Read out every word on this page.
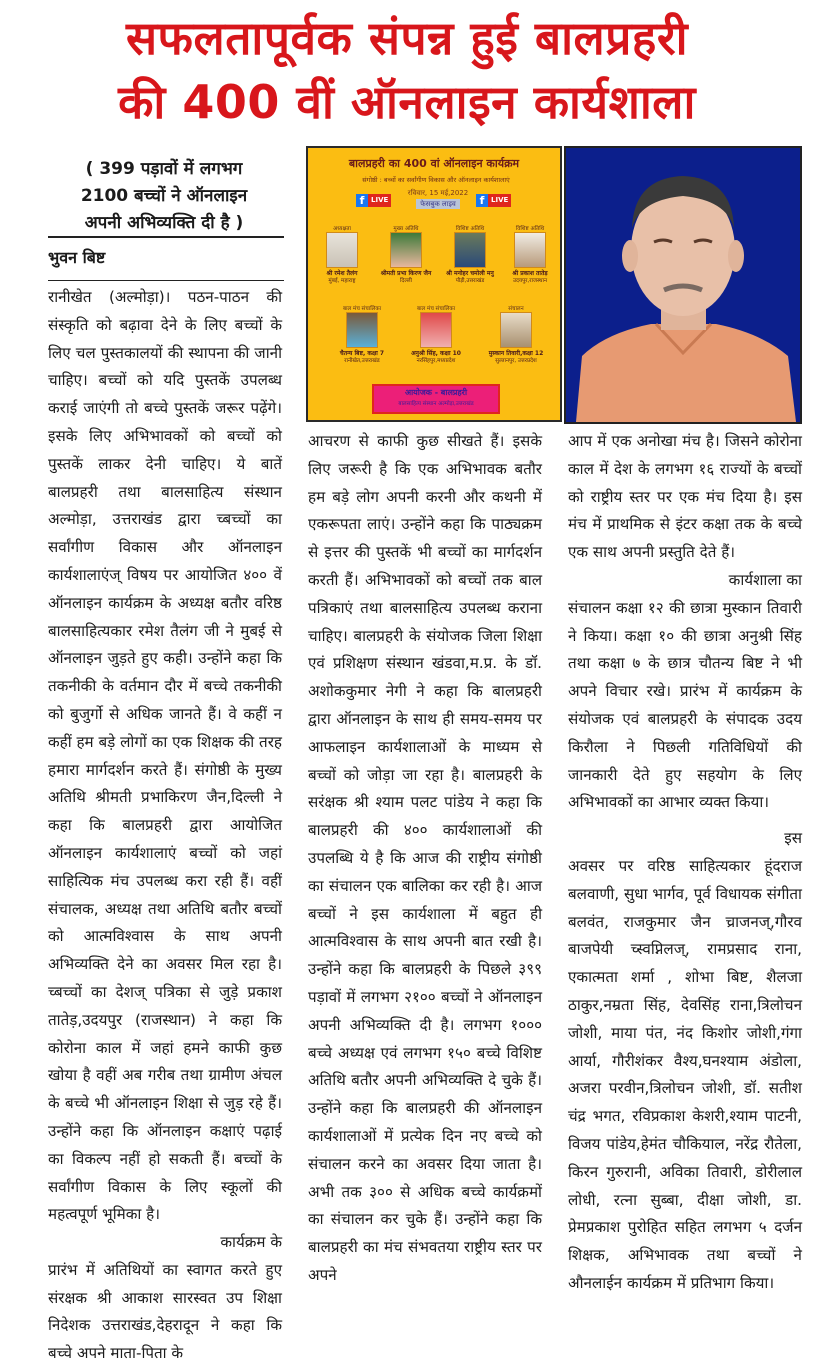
सफलतापूर्वक संपन्न हुई बालप्रहरी
की 400 वीं ऑनलाइन कार्यशाला
( 399 पड़ावों में लगभग
2100 बच्चों ने ऑनलाइन
अपनी अभिव्यक्ति दी है )
भुवन बिष्ट

रानीखेत (अल्मोड़ा)। पठन-पाठन की संस्कृति को बढ़ावा देने के लिए बच्चों के लिए चल पुस्तकालयों की स्थापना की जानी चाहिए। बच्चों को यदि पुस्तकें उपलब्ध कराई जाएंगी तो बच्चे पुस्तकें जरूर पढ़ेंगे। इसके लिए अभिभावकों को बच्चों को पुस्तकें लाकर देनी चाहिए। ये बातें बालप्रहरी तथा बालसाहित्य संस्थान अल्मोड़ा, उत्तराखंड द्वारा च्बच्चों का सर्वांगीण विकास और ऑनलाइन कार्यशालाएंज् विषय पर आयोजित ४०० वें ऑनलाइन कार्यक्रम के अध्यक्ष बतौर वरिष्ठ बालसाहित्यकार रमेश तैलंग जी ने मुबई से ऑनलाइन जुड़ते हुए कही। उन्होंने कहा कि तकनीकी के वर्तमान दौर में बच्चे तकनीकी को बुजुर्गो से अधिक जानते हैं। वे कहीं न कहीं हम बड़े लोगों का एक शिक्षक की तरह हमारा मार्गदर्शन करते हैं। संगोष्ठी के मुख्य अतिथि श्रीमती प्रभाकिरण जैन,दिल्ली ने कहा कि बालप्रहरी द्वारा आयोजित ऑनलाइन कार्यशालाएं बच्चों को जहां साहित्यिक मंच उपलब्ध करा रही हैं। वहीं संचालक, अध्यक्ष तथा अतिथि बतौर बच्चों को आत्मविश्वास के साथ अपनी अभिव्यक्ति देने का अवसर मिल रहा है। च्बच्चों का देशज् पत्रिका से जुड़े प्रकाश तातेड़,उदयपुर (राजस्थान) ने कहा कि कोरोना काल में जहां हमने काफी कुछ खोया है वहीं अब गरीब तथा ग्रामीण अंचल के बच्चे भी ऑनलाइन शिक्षा से जुड़ रहे हैं। उन्होंने कहा कि ऑनलाइन कक्षाएं पढ़ाई का विकल्प नहीं हो सकती हैं। बच्चों के सर्वांगीण विकास के लिए स्कूलों की महत्वपूर्ण भूमिका है।

कार्यक्रम के

प्रारंभ में अतिथियों का स्वागत करते हुए संरक्षक श्री आकाश सारस्वत उप शिक्षा निदेशक उत्तराखंड,देहरादून ने कहा कि बच्चे अपने माता-पिता के

बालप्रहरी का 400 वां ऑनलाइन कार्यक्रम
संगोष्ठी : बच्चों का सर्वांगीण विकास और ऑनलाइन कार्यशालाएं
f LIVE
रविवार, 15 मई,2022
फेसबुक लाइव	f LIVE
अध्यक्षता
श्री रमेश तैलंग
मुंबई, महाराष्ट्र
मुख्य अतिथि
श्रीमती प्रभा किरण जैन
दिल्ली
विशिष्ट अतिथि
श्री मनोहर चमोली मनु
पौड़ी,उत्तराखंड
विशिष्ट अतिथि
श्री प्रकाश तातेड़
उदयपुर,राजस्थान
बाल मंच संचालिका
चैतन्य बिष्ट, कक्षा 7
रानीखेत,उत्तराखंड
बाल मंच संचालिका
अनुश्री सिंह, कक्षा 10
नरसिंहपुर,मध्यप्रदेश
संचालन
मुस्कान तिवारी,कक्षा 12
सुल्तानपुर, उत्तरप्रदेश
आयोजक - बालप्रहरी
बालसाहित्य संस्थान अल्मोड़ा,उत्तराखंड

आचरण से काफी कुछ सीखते हैं। इसके लिए जरूरी है कि एक अभिभावक बतौर हम बड़े लोग अपनी करनी और कथनी में एकरूपता लाएं। उन्होंने कहा कि पाठ्यक्रम से इत्तर की पुस्तकें भी बच्चों का मार्गदर्शन करती हैं। अभिभावकों को बच्चों तक बाल पत्रिकाएं तथा बालसाहित्य उपलब्ध कराना चाहिए। बालप्रहरी के संयोजक जिला शिक्षा एवं प्रशिक्षण संस्थान खंडवा,म.प्र. के डॉ. अशोककुमार नेगी ने कहा कि बालप्रहरी द्वारा ऑनलाइन के साथ ही समय-समय पर आफलाइन कार्यशालाओं के माध्यम से बच्चों को जोड़ा जा रहा है। बालप्रहरी के सरंक्षक श्री श्याम पलट पांडेय ने कहा कि बालप्रहरी की ४०० कार्यशालाओं की उपलब्धि ये है कि आज की राष्ट्रीय संगोष्ठी का संचालन एक बालिका कर रही है। आज बच्चों ने इस कार्यशाला में बहुत ही आत्मविश्वास के साथ अपनी बात रखी है। उन्होंने कहा कि बालप्रहरी के पिछले ३९९ पड़ावों में लगभग २१०० बच्चों ने ऑनलाइन अपनी अभिव्यक्ति दी है। लगभग १००० बच्चे अध्यक्ष एवं लगभग १५० बच्चे विशिष्ट अतिथि बतौर अपनी अभिव्यक्ति दे चुके हैं। उन्होंने कहा कि बालप्रहरी की ऑनलाइन कार्यशालाओं में प्रत्येक दिन नए बच्चे को संचालन करने का अवसर दिया जाता है। अभी तक ३०० से अधिक बच्चे कार्यक्रमों का संचालन कर चुके हैं। उन्होंने कहा कि बालप्रहरी का मंच संभवतया राष्ट्रीय स्तर पर अपने

आप में एक अनोखा मंच है। जिसने कोरोना काल में देश के लगभग १६ राज्यों के बच्चों को राष्ट्रीय स्तर पर एक मंच दिया है। इस मंच में प्राथमिक से इंटर कक्षा तक के बच्चे एक साथ अपनी प्रस्तुति देते हैं।

कार्यशाला का

संचालन कक्षा १२ की छात्रा मुस्कान तिवारी ने किया। कक्षा १० की छात्रा अनुश्री सिंह तथा कक्षा ७ के छात्र चौतन्य बिष्ट ने भी अपने विचार रखे। प्रारंभ में कार्यक्रम के संयोजक एवं बालप्रहरी के संपादक उदय किरौला ने पिछली गतिविधियों की जानकारी देते हुए सहयोग के लिए अभिभावकों का आभार व्यक्त किया।

इस

अवसर पर वरिष्ठ साहित्यकार हूंदराज बलवाणी, सुधा भार्गव, पूर्व विधायक संगीता बलवंत, राजकुमार जैन च्राजनज्,गौरव बाजपेयी च्स्वप्निलज्, रामप्रसाद राना, एकात्मता शर्मा , शोभा बिष्ट, शैलजा ठाकुर,नम्रता सिंह, देवसिंह राना,त्रिलोचन जोशी, माया पंत, नंद किशोर जोशी,गंगा आर्या, गौरीशंकर वैश्य,घनश्याम अंडोला, अजरा परवीन,त्रिलोचन जोशी, डॉ. सतीश चंद्र भगत, रविप्रकाश केशरी,श्याम पाटनी, विजय पांडेय,हेमंत चौकियाल, नरेंद्र रौतेला, किरन गुरुरानी, अविका तिवारी, डोरीलाल लोधी, रत्ना सुब्बा, दीक्षा जोशी, डा. प्रेमप्रकाश पुरोहित सहित लगभग ५ दर्जन शिक्षक, अभिभावक तथा बच्चों ने औनलाईन कार्यक्रम में प्रतिभाग किया।
